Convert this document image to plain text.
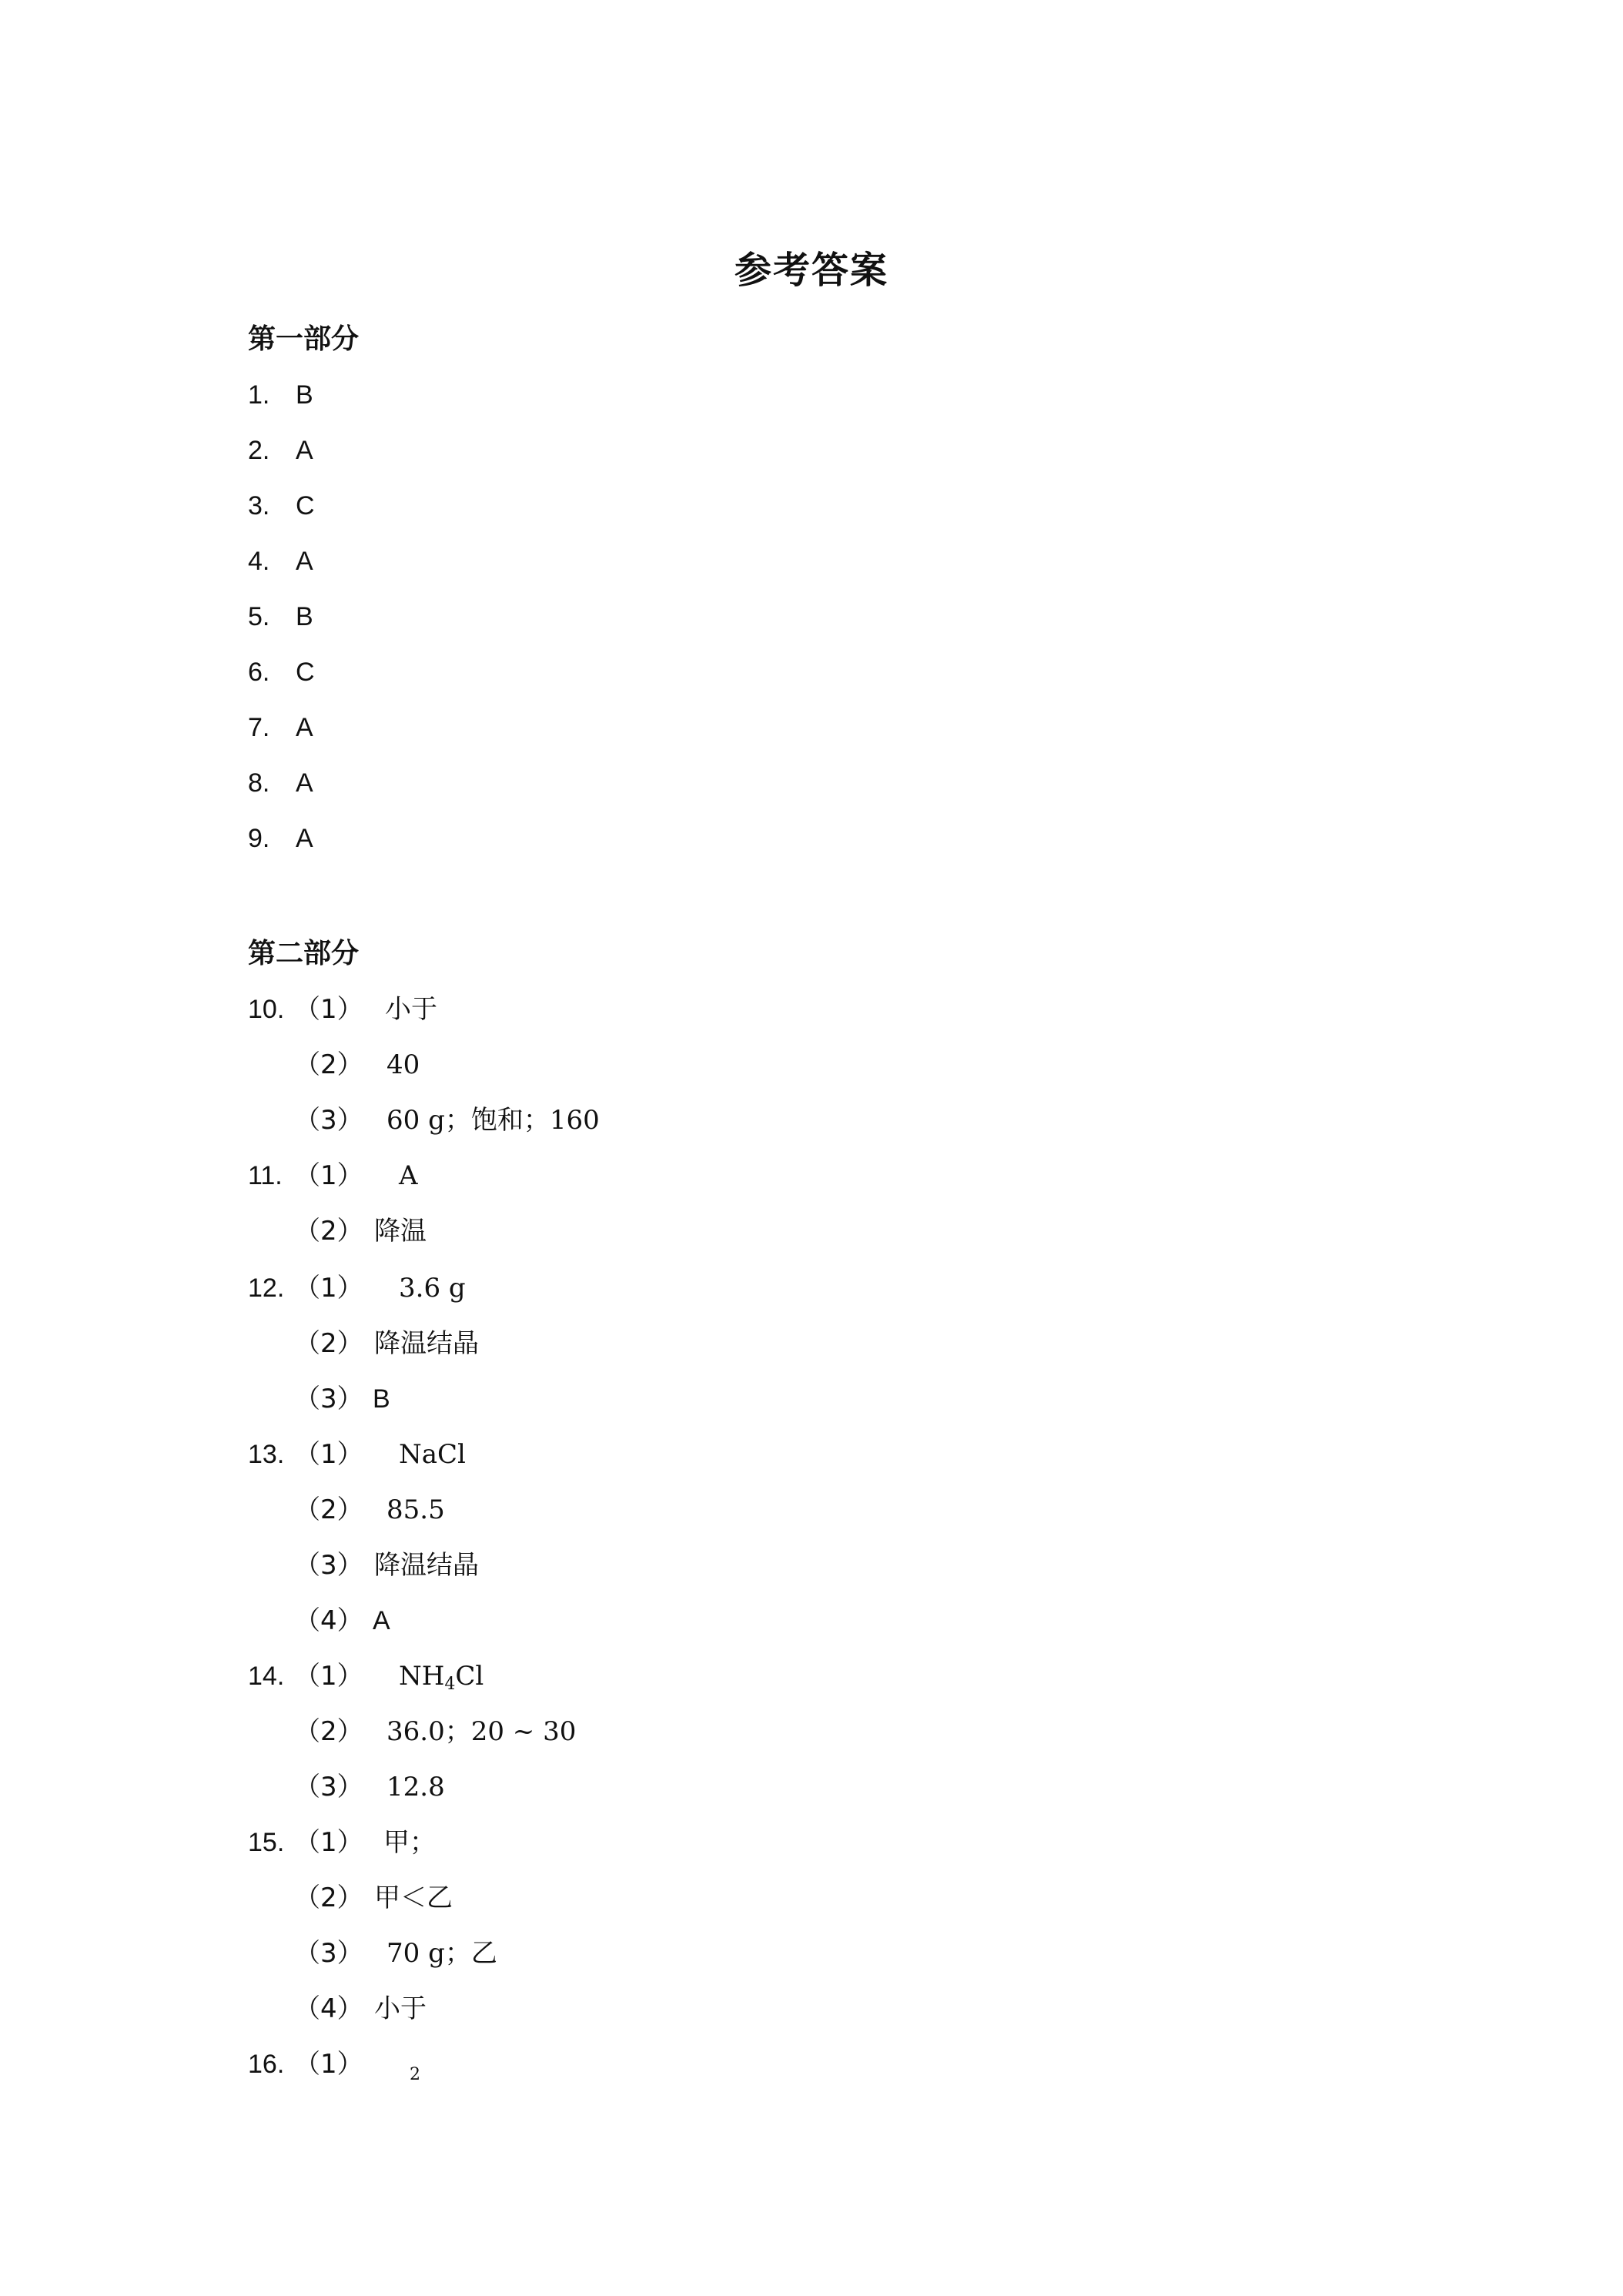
参考答案
第一部分
1. B
2. A
3. C
4. A
5. B
6. C
7. A
8. A
9. A
第二部分
10. （1） 小于
（2） 40
（3） 60 g；饱和；160
11. （1） A
（2） 降温
12. （1） 3.6 g
（2） 降温结晶
（3） B
13. （1） NaCl
（2） 85.5
（3） 降温结晶
（4） A
14. （1） $NH_4Cl$
（2） 36.0；20 ~ 30
（3） 12.8
15. （1） 甲；
（2） 甲＜乙
（3） 70 g；乙
（4） 小于
16. （1）	2
